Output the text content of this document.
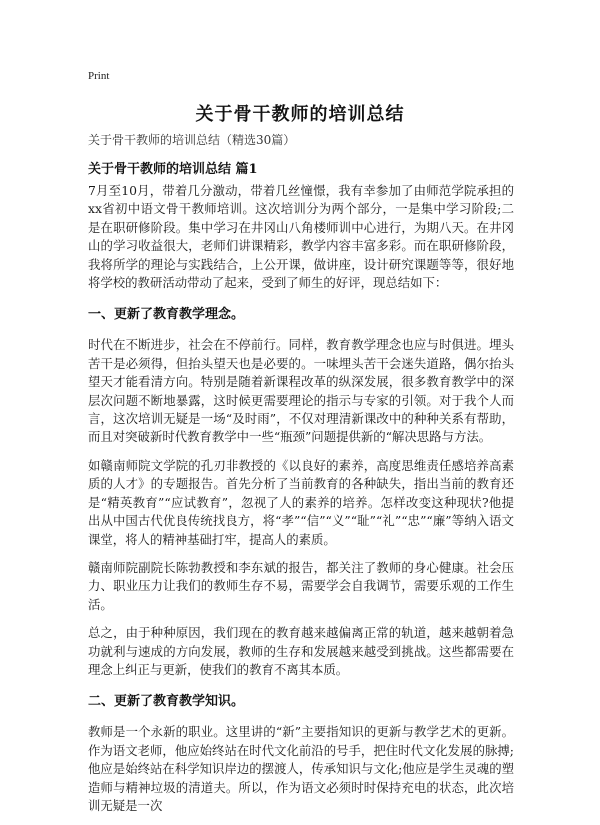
Print
关于骨干教师的培训总结
关于骨干教师的培训总结（精选30篇）
关于骨干教师的培训总结 篇1

7月至10月，带着几分激动，带着几丝憧憬，我有幸参加了由师范学院承担的xx省初中语文骨干教师培训。这次培训分为两个部分，一是集中学习阶段;二是在职研修阶段。集中学习在井冈山八角楼师训中心进行，为期八天。在井冈山的学习收益很大，老师们讲课精彩，教学内容丰富多彩。而在职研修阶段，我将所学的理论与实践结合，上公开课，做讲座，设计研究课题等等，很好地将学校的教研活动带动了起来，受到了师生的好评，现总结如下：

一、更新了教育教学理念。

时代在不断进步，社会在不停前行。同样，教育教学理念也应与时俱进。埋头苦干是必须得，但抬头望天也是必要的。一味埋头苦干会迷失道路，偶尔抬头望天才能看清方向。特别是随着新课程改革的纵深发展，很多教育教学中的深层次问题不断地暴露，这时候更需要理论的指示与专家的引领。对于我个人而言，这次培训无疑是一场“及时雨”，不仅对理清新课改中的种种关系有帮助，而且对突破新时代教育教学中一些“瓶颈”问题提供新的“解决思路与方法。

如赣南师院文学院的孔刃非教授的《以良好的素养，高度思维责任感培养高素质的人才》的专题报告。首先分析了当前教育的各种缺失，指出当前的教育还是“精英教育”“应试教育”，忽视了人的素养的培养。怎样改变这种现状?他提出从中国古代优良传统找良方，将“孝”“信”“义”“耻”“礼”“忠”“廉”等纳入语文课堂，将人的精神基础打牢，提高人的素质。

赣南师院副院长陈勃教授和李东斌的报告，都关注了教师的身心健康。社会压力、职业压力让我们的教师生存不易，需要学会自我调节，需要乐观的工作生活。

总之，由于种种原因，我们现在的教育越来越偏离正常的轨道，越来越朝着急功就利与速成的方向发展，教师的生存和发展越来越受到挑战。这些都需要在理念上纠正与更新，使我们的教育不离其本质。

二、更新了教育教学知识。

教师是一个永新的职业。这里讲的“新”主要指知识的更新与教学艺术的更新。作为语文老师，他应始终站在时代文化前沿的号手，把住时代文化发展的脉搏;他应是始终站在科学知识岸边的摆渡人，传承知识与文化;他应是学生灵魂的塑造师与精神垃圾的清道夫。所以，作为语文必须时时保持充电的状态，此次培训无疑是一次
